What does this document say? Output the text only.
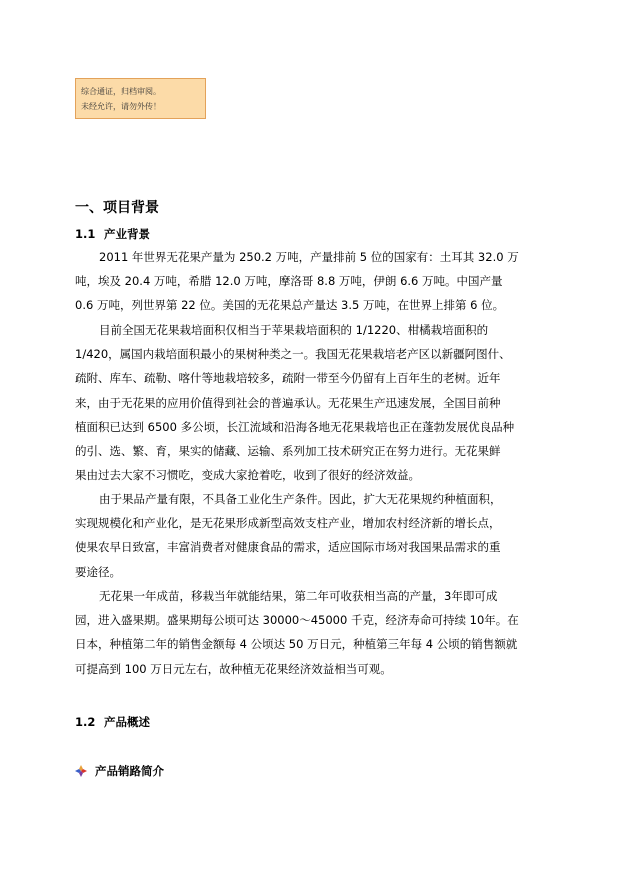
综合通证，归档审阅。
未经允许，请勿外传！
一、项目背景
1.1 产业背景
2011 年世界无花果产量为 250.2 万吨，产量排前 5 位的国家有：土耳其 32.0 万
吨，埃及 20.4 万吨，希腊 12.0 万吨，摩洛哥 8.8 万吨，伊朗 6.6 万吨。中国产量
0.6 万吨，列世界第 22 位。美国的无花果总产量达 3.5 万吨，在世界上排第 6 位。
目前全国无花果栽培面积仅相当于苹果栽培面积的 1/1220、柑橘栽培面积的
1/420，属国内栽培面积最小的果树种类之一。我国无花果栽培老产区以新疆阿图什、
疏附、库车、疏勒、喀什等地栽培较多，疏附一带至今仍留有上百年生的老树。近年
来，由于无花果的应用价值得到社会的普遍承认。无花果生产迅速发展，全国目前种
植面积已达到 6500 多公顷，长江流域和沿海各地无花果栽培也正在蓬勃发展优良品种
的引、选、繁、育，果实的储藏、运输、系列加工技术研究正在努力进行。无花果鲜
果由过去大家不习惯吃，变成大家抢着吃，收到了很好的经济效益。
由于果品产量有限，不具备工业化生产条件。因此，扩大无花果规约种植面积，
实现规模化和产业化，是无花果形成新型高效支柱产业，增加农村经济新的增长点，
使果农早日致富，丰富消费者对健康食品的需求，适应国际市场对我国果品需求的重
要途径。
无花果一年成苗，移栽当年就能结果，第二年可收获相当高的产量，3年即可成
园，进入盛果期。盛果期每公顷可达 30000～45000 千克，经济寿命可持续 10年。在
日本，种植第二年的销售金额每 4 公顷达 50 万日元，种植第三年每 4 公顷的销售额就
可提高到 100 万日元左右，故种植无花果经济效益相当可观。
1.2 产品概述
产品销路简介
